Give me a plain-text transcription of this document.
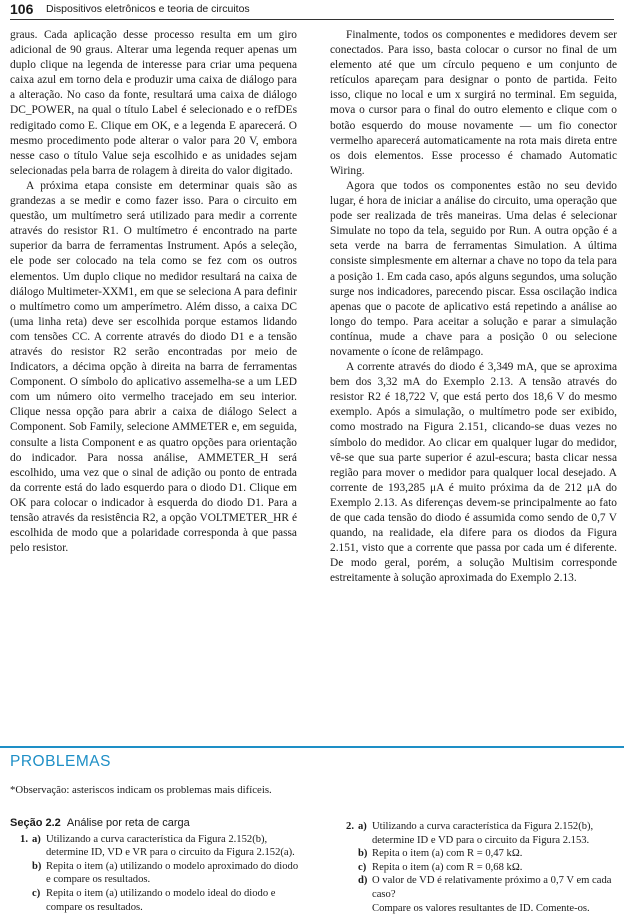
106 Dispositivos eletrônicos e teoria de circuitos

graus. Cada aplicação desse processo resulta em um giro adicional de 90 graus. Alterar uma legenda requer apenas um duplo clique na legenda de interesse para criar uma pequena caixa azul em torno dela e produzir uma caixa de diálogo para a alteração. No caso da fonte, resultará uma caixa de diálogo DC_POWER, na qual o título Label é selecionado e o refDEs redigitado como E. Clique em OK, e a legenda E aparecerá. O mesmo procedimento pode alterar o valor para 20 V, embora nesse caso o título Value seja escolhido e as unidades sejam selecionadas pela barra de rolagem à direita do valor digitado.

A próxima etapa consiste em determinar quais são as grandezas a se medir e como fazer isso. Para o circuito em questão, um multímetro será utilizado para medir a corrente através do resistor R1. O multímetro é encontrado na parte superior da barra de ferramentas Instrument. Após a seleção, ele pode ser colocado na tela como se fez com os outros elementos. Um duplo clique no medidor resultará na caixa de diálogo Multimeter-XXM1, em que se seleciona A para definir o multímetro como um amperímetro. Além disso, a caixa DC (uma linha reta) deve ser escolhida porque estamos lidando com tensões CC. A corrente através do diodo D1 e a tensão através do resistor R2 serão encontradas por meio de Indicators, a décima opção à direita na barra de ferramentas Component. O símbolo do aplicativo assemelha-se a um LED com um número oito vermelho tracejado em seu interior. Clique nessa opção para abrir a caixa de diálogo Select a Component. Sob Family, selecione AMMETER e, em seguida, consulte a lista Component e as quatro opções para orientação do indicador. Para nossa análise, AMMETER_H será escolhido, uma vez que o sinal de adição ou ponto de entrada da corrente está do lado esquerdo para o diodo D1. Clique em OK para colocar o indicador à esquerda do diodo D1. Para a tensão através da resistência R2, a opção VOLTMETER_HR é escolhida de modo que a polaridade corresponda à que passa pelo resistor.

Finalmente, todos os componentes e medidores devem ser conectados. Para isso, basta colocar o cursor no final de um elemento até que um círculo pequeno e um conjunto de retículos apareçam para designar o ponto de partida. Feito isso, clique no local e um x surgirá no terminal. Em seguida, mova o cursor para o final do outro elemento e clique com o botão esquerdo do mouse novamente — um fio conector vermelho aparecerá automaticamente na rota mais direta entre os dois elementos. Esse processo é chamado Automatic Wiring.

Agora que todos os componentes estão no seu devido lugar, é hora de iniciar a análise do circuito, uma operação que pode ser realizada de três maneiras. Uma delas é selecionar Simulate no topo da tela, seguido por Run. A outra opção é a seta verde na barra de ferramentas Simulation. A última consiste simplesmente em alternar a chave no topo da tela para a posição 1. Em cada caso, após alguns segundos, uma solução surge nos indicadores, parecendo piscar. Essa oscilação indica apenas que o pacote de aplicativo está repetindo a análise ao longo do tempo. Para aceitar a solução e parar a simulação contínua, mude a chave para a posição 0 ou selecione novamente o ícone de relâmpago.

A corrente através do diodo é 3,349 mA, que se aproxima bem dos 3,32 mA do Exemplo 2.13. A tensão através do resistor R2 é 18,722 V, que está perto dos 18,6 V do mesmo exemplo. Após a simulação, o multímetro pode ser exibido, como mostrado na Figura 2.151, clicando-se duas vezes no símbolo do medidor. Ao clicar em qualquer lugar do medidor, vê-se que sua parte superior é azul-escura; basta clicar nessa região para mover o medidor para qualquer local desejado. A corrente de 193,285 μA é muito próxima da de 212 μA do Exemplo 2.13. As diferenças devem-se principalmente ao fato de que cada tensão do diodo é assumida como sendo de 0,7 V quando, na realidade, ela difere para os diodos da Figura 2.151, visto que a corrente que passa por cada um é diferente. De modo geral, porém, a solução Multisim corresponde estreitamente à solução aproximada do Exemplo 2.13.

PROBLEMAS
*Observação: asteriscos indicam os problemas mais difíceis.
Seção 2.2 Análise por reta de carga
1. a) Utilizando a curva característica da Figura 2.152(b), determine ID, VD e VR para o circuito da Figura 2.152(a).
b) Repita o item (a) utilizando o modelo aproximado do diodo e compare os resultados.
c) Repita o item (a) utilizando o modelo ideal do diodo e compare os resultados.
2. a) Utilizando a curva característica da Figura 2.152(b), determine ID e VD para o circuito da Figura 2.153.
b) Repita o item (a) com R = 0,47 kΩ.
c) Repita o item (a) com R = 0,68 kΩ.
d) O valor de VD é relativamente próximo a 0,7 V em cada caso?
Compare os valores resultantes de ID. Comente-os.
